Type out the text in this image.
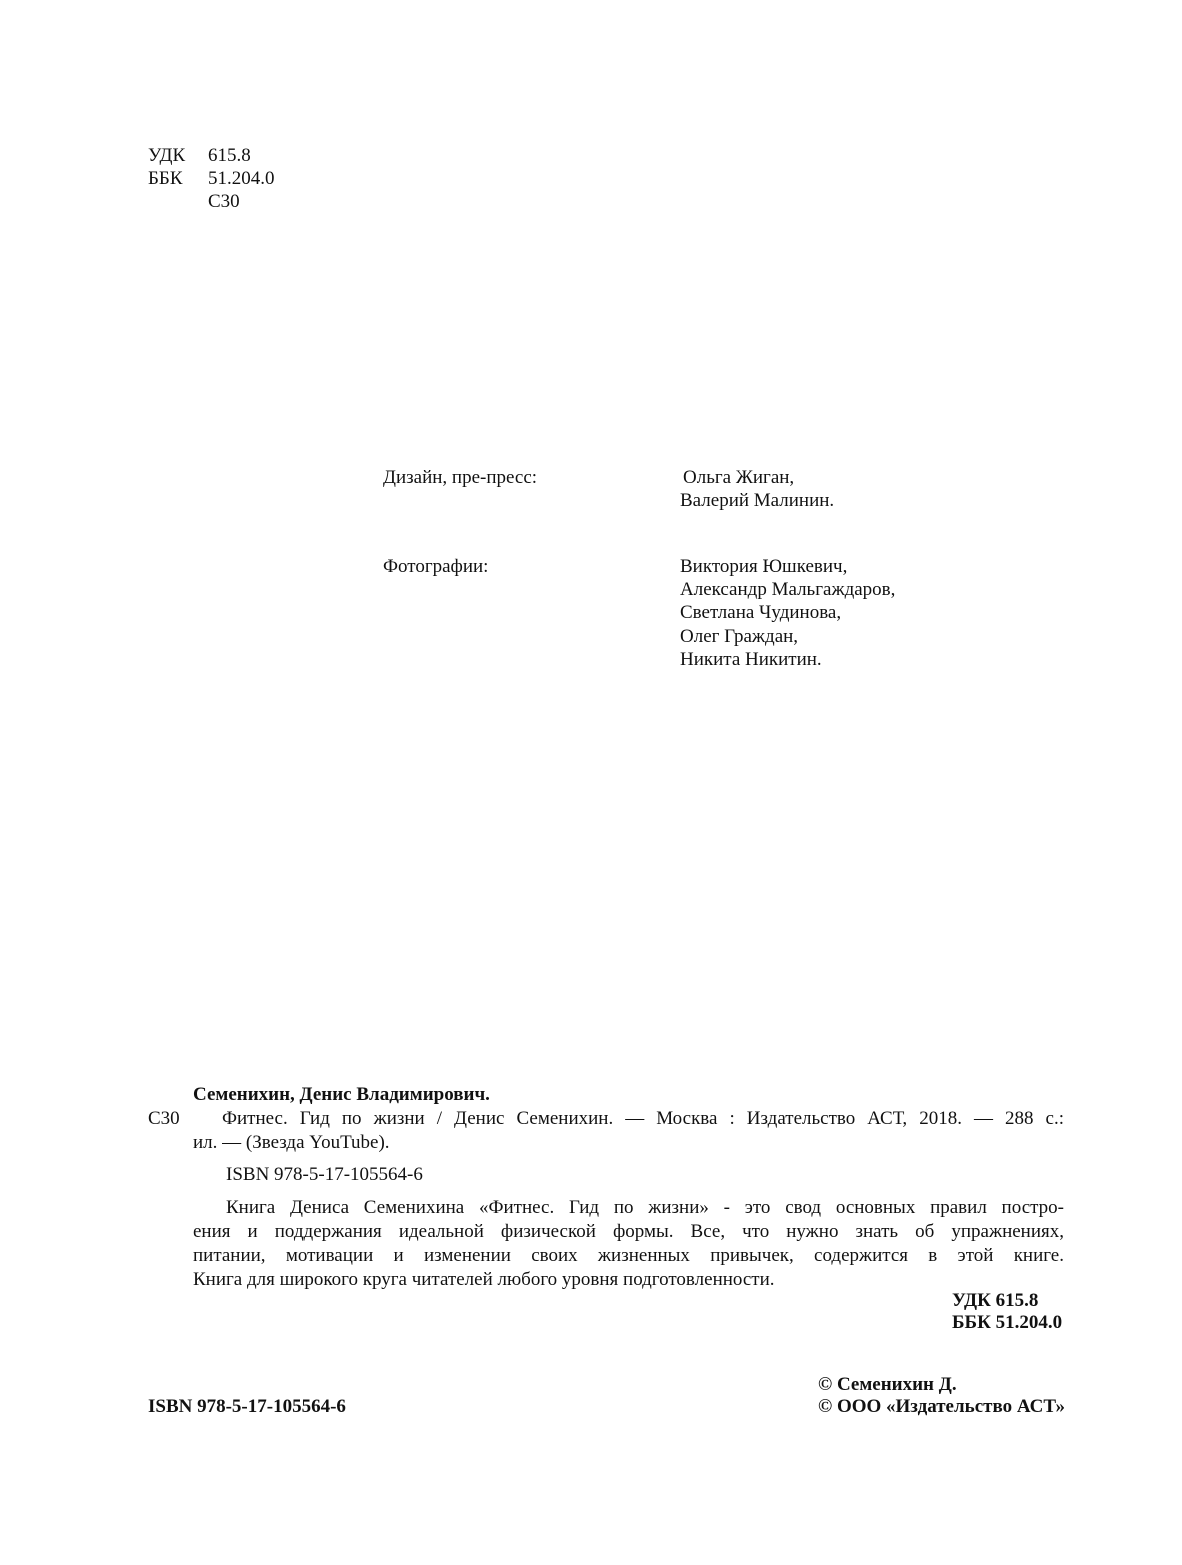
УДК 615.8
ББК 51.204.0
С30
Дизайн, пре-пресс:	Ольга Жиган,
Валерий Малинин.
Фотографии:	Виктория Юшкевич,
Александр Мальгаждаров,
Светлана Чудинова,
Олег Граждан,
Никита Никитин.
Семенихин, Денис Владимирович.
С30 Фитнес. Гид по жизни / Денис Семенихин. — Москва : Издательство АСТ, 2018. — 288 с.:
ил. — (Звезда YouTube).
ISBN 978-5-17-105564-6
Книга Дениса Семенихина «Фитнес. Гид по жизни» - это свод основных правил постро-
ения и поддержания идеальной физической формы. Все, что нужно знать об упражнениях,
питании, мотивации и изменении своих жизненных привычек, содержится в этой книге.
Книга для широкого круга читателей любого уровня подготовленности.
УДК 615.8
ББК 51.204.0
ISBN 978-5-17-105564-6
© Семенихин Д.
© ООО «Издательство АСТ»
